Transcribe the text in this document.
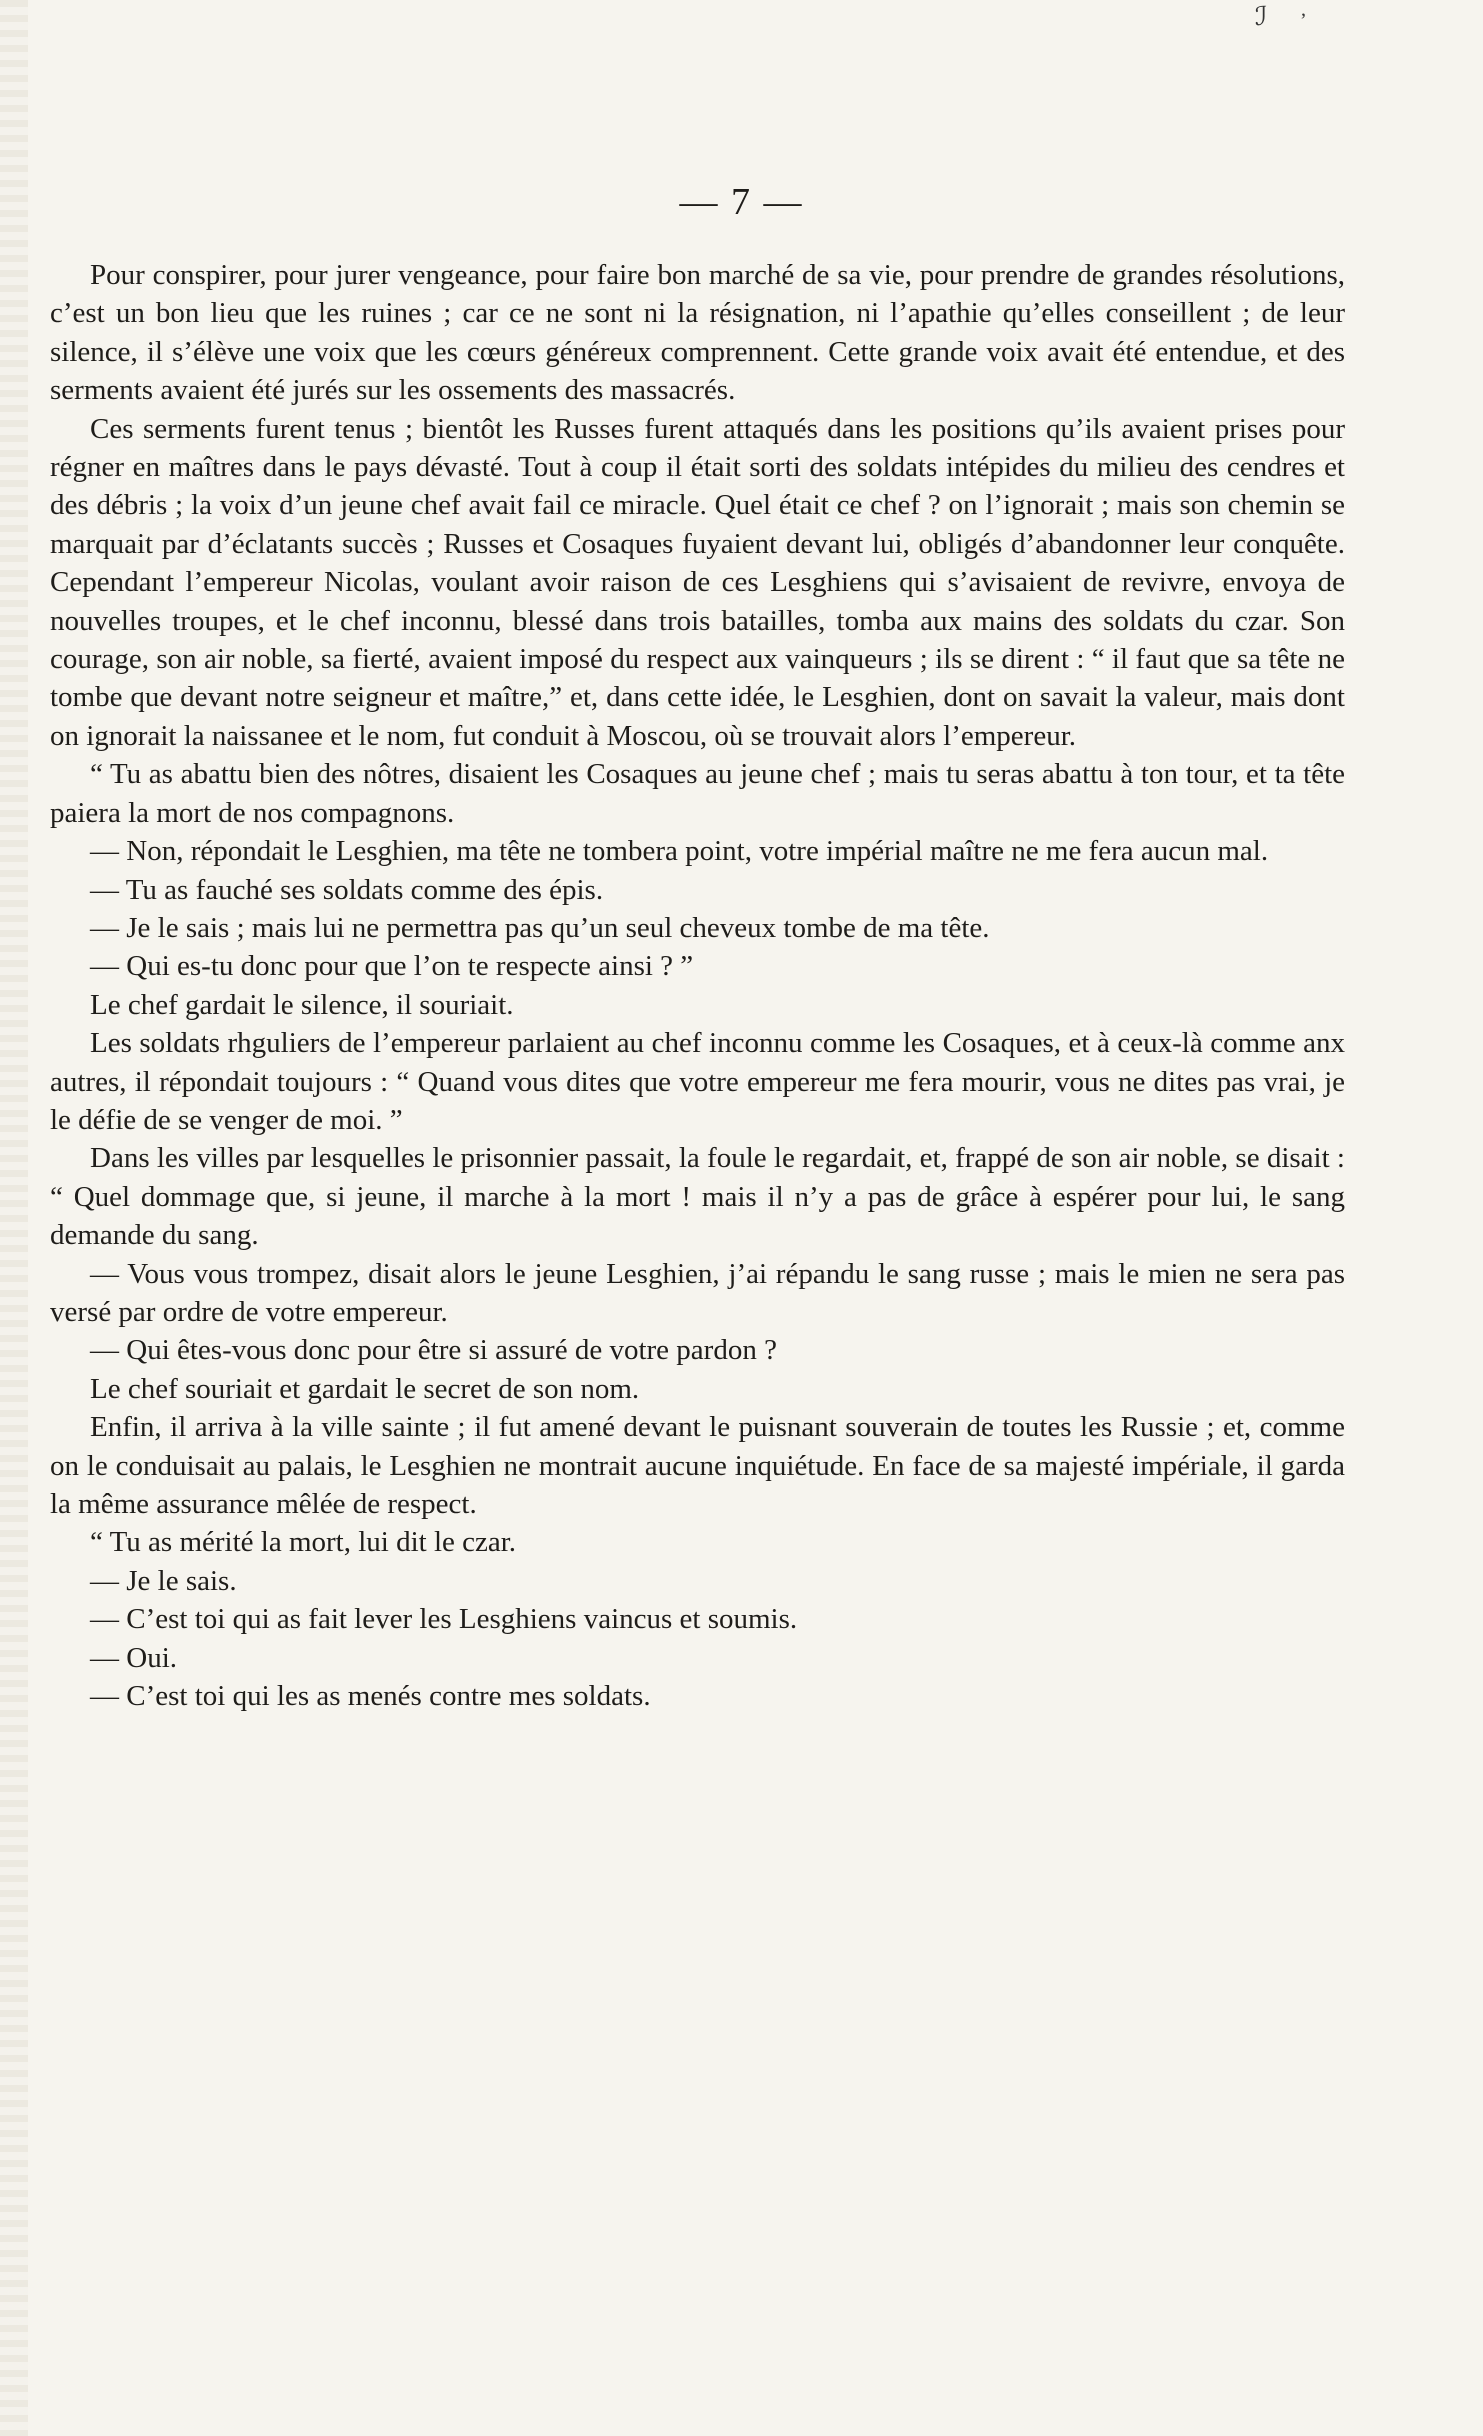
ℐ	ʼ
— 7 —

Pour conspirer, pour jurer vengeance, pour faire bon marché de sa vie, pour prendre de grandes résolutions, c’est un bon lieu que les ruines ; car ce ne sont ni la résignation, ni l’apathie qu’elles conseillent ; de leur silence, il s’élève une voix que les cœurs généreux comprennent. Cette grande voix avait été entendue, et des serments avaient été jurés sur les ossements des massacrés.

Ces serments furent tenus ; bientôt les Russes furent attaqués dans les positions qu’ils avaient prises pour régner en maîtres dans le pays dévasté. Tout à coup il était sorti des soldats intépides du milieu des cendres et des débris ; la voix d’un jeune chef avait fail ce miracle. Quel était ce chef ? on l’ignorait ; mais son chemin se marquait par d’éclatants succès ; Russes et Cosaques fuyaient devant lui, obligés d’abandonner leur conquête. Cependant l’empereur Nicolas, voulant avoir raison de ces Lesghiens qui s’avisaient de revivre, envoya de nouvelles troupes, et le chef inconnu, blessé dans trois batailles, tomba aux mains des soldats du czar. Son courage, son air noble, sa fierté, avaient imposé du respect aux vainqueurs ; ils se dirent : “ il faut que sa tête ne tombe que devant notre seigneur et maître,” et, dans cette idée, le Lesghien, dont on savait la valeur, mais dont on ignorait la naissanee et le nom, fut conduit à Moscou, où se trouvait alors l’empereur.

“ Tu as abattu bien des nôtres, disaient les Cosaques au jeune chef ; mais tu seras abattu à ton tour, et ta tête paiera la mort de nos compagnons.

— Non, répondait le Lesghien, ma tête ne tombera point, votre impérial maître ne me fera aucun mal.

— Tu as fauché ses soldats comme des épis.

— Je le sais ; mais lui ne permettra pas qu’un seul cheveux tombe de ma tête.

— Qui es-tu donc pour que l’on te respecte ainsi ? ”

Le chef gardait le silence, il souriait.

Les soldats rhguliers de l’empereur parlaient au chef inconnu comme les Cosaques, et à ceux-là comme anx autres, il répondait toujours : “ Quand vous dites que votre empereur me fera mourir, vous ne dites pas vrai, je le défie de se venger de moi. ”

Dans les villes par lesquelles le prisonnier passait, la foule le regardait, et, frappé de son air noble, se disait : “ Quel dommage que, si jeune, il marche à la mort ! mais il n’y a pas de grâce à espérer pour lui, le sang demande du sang.

— Vous vous trompez, disait alors le jeune Lesghien, j’ai répandu le sang russe ; mais le mien ne sera pas versé par ordre de votre empereur.

— Qui êtes-vous donc pour être si assuré de votre pardon ?

Le chef souriait et gardait le secret de son nom.

Enfin, il arriva à la ville sainte ; il fut amené devant le puisnant souverain de toutes les Russie ; et, comme on le conduisait au palais, le Lesghien ne montrait aucune inquiétude. En face de sa majesté impériale, il garda la même assurance mêlée de respect.

“ Tu as mérité la mort, lui dit le czar.

— Je le sais.

— C’est toi qui as fait lever les Lesghiens vaincus et soumis.

— Oui.

— C’est toi qui les as menés contre mes soldats.
